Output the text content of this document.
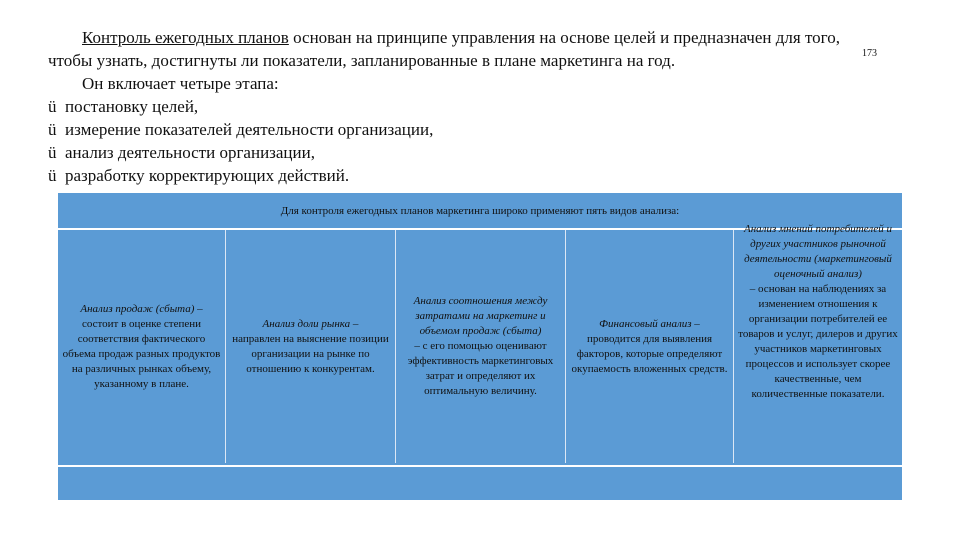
Контроль ежегодных планов основан на принципе управления на основе целей и предназначен для того,

чтобы узнать, достигнуты ли показатели, запланированные в плане маркетинга на год.

Он включает четыре этапа:

ü постановку целей,
ü измерение показателей деятельности организации,
ü анализ деятельности организации,
ü разработку корректирующих действий.
173
Для контроля ежегодных планов маркетинга широко применяют пять видов анализа:
Анализ продаж (сбыта) –
состоит в оценке степени соответствия фактического объема продаж разных продуктов на различных рынках объему, указанному в плане.
Анализ доли рынка –
направлен на выяснение позиции организации на рынке по отношению к конкурентам.
Анализ соотношения между затратами на маркетинг и объемом продаж (сбыта)
– с его помощью оценивают эффективность маркетинговых затрат и определяют их оптимальную величину.
Финансовый анализ –
проводится для выявления факторов, которые определяют окупаемость вложенных средств.
Анализ мнений потребителей и других участников рыночной деятельности (маркетинговый оценочный анализ)
– основан на наблюдениях за изменением отношения к организации потребителей ее товаров и услуг, дилеров и других участников маркетинговых процессов и использует скорее качественные, чем количественные показатели.
